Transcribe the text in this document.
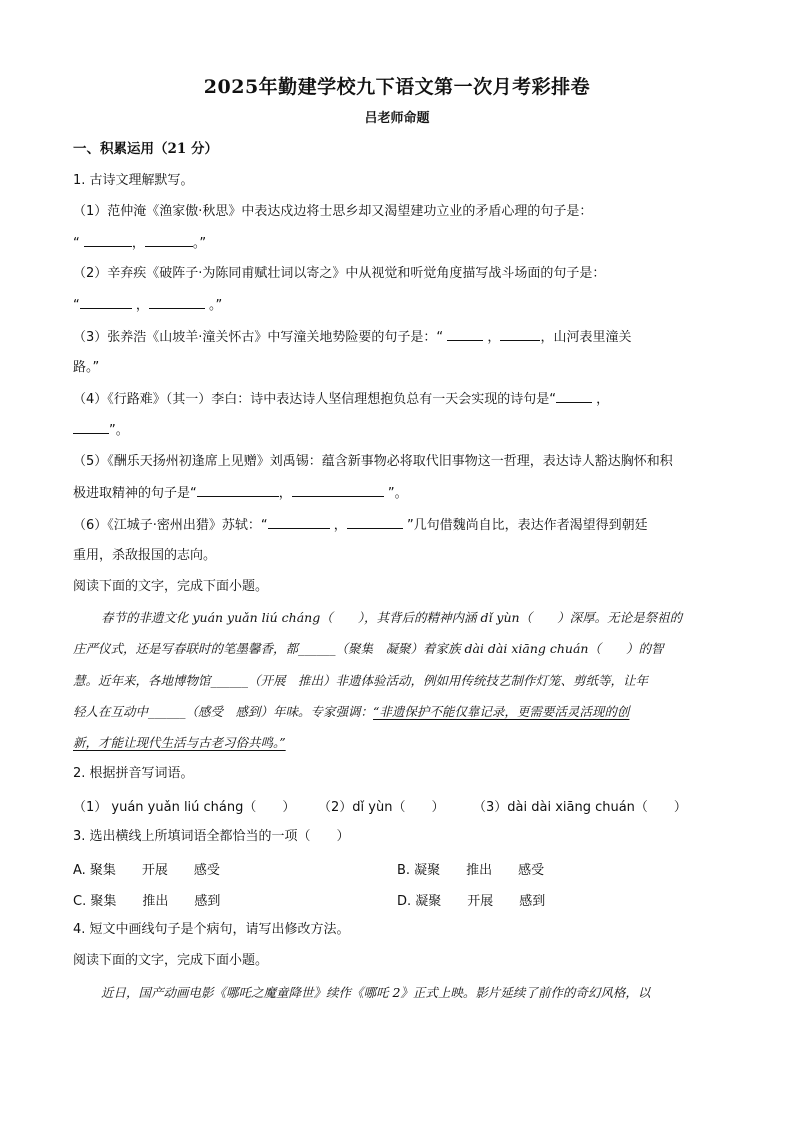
2025年勤建学校九下语文第一次月考彩排卷
吕老师命题
一、积累运用（21 分）
1. 古诗文理解默写。
（1）范仲淹《渔家傲·秋思》中表达戍边将士思乡却又渴望建功立业的矛盾心理的句子是：
“	，	。”
（2）辛弃疾《破阵子·为陈同甫赋壮词以寄之》中从视觉和听觉角度描写战斗场面的句子是：
“	，	。”
（3）张养浩《山坡羊·潼关怀古》中写潼关地势险要的句子是：“	，	，山河表里潼关
路。”
（4）《行路难》（其一）李白：诗中表达诗人坚信理想抱负总有一天会实现的诗句是“	，
”。
（5）《酬乐天扬州初逢席上见赠》刘禹锡：蕴含新事物必将取代旧事物这一哲理，表达诗人豁达胸怀和积
极进取精神的句子是“	，	”。
（6）《江城子·密州出猎》苏轼：“	，	”几句借魏尚自比，表达作者渴望得到朝廷
重用，杀敌报国的志向。
阅读下面的文字，完成下面小题。
春节的非遗文化 yuán yuǎn liú cháng（　　），其背后的精神内涵 dǐ yùn（　　）深厚。无论是祭祖的
庄严仪式，还是写春联时的笔墨馨香，都______（聚集　凝聚）着家族 dài dài xiāng chuán（　　）的智
慧。近年来，各地博物馆______（开展　推出）非遗体验活动，例如用传统技艺制作灯笼、剪纸等，让年
轻人在互动中______（感受　感到）年味。专家强调：“非遗保护不能仅靠记录，更需要活灵活现的创
新，才能让现代生活与古老习俗共鸣。”
2. 根据拼音写词语。
（1） yuán yuǎn liú cháng（　　） （2）dǐ yùn（　　） （3）dài dài xiāng chuán（　　）
3. 选出横线上所填词语全都恰当的一项（　　）
A. 聚集　　开展　　感受	B. 凝聚　　推出　　感受
C. 聚集　　推出　　感到	D. 凝聚　　开展　　感到
4. 短文中画线句子是个病句，请写出修改方法。
阅读下面的文字，完成下面小题。
近日，国产动画电影《哪吒之魔童降世》续作《哪吒 2》正式上映。影片延续了前作的奇幻风格，以
